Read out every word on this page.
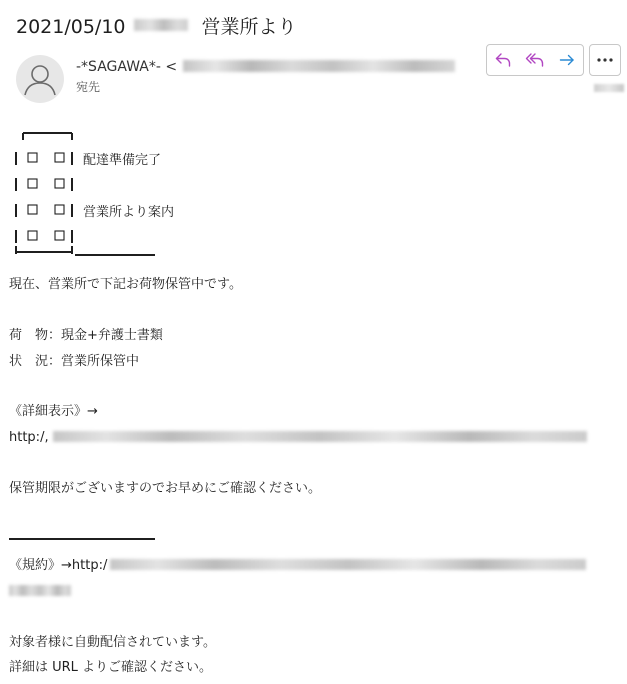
2021/05/10	営業所より
-*SAGAWA*- <
宛先
配達準備完了
営業所より案内
現在、営業所で下記お荷物保管中です。
荷　物：現金+弁護士書類
状　況：営業所保管中
《詳細表示》→
http:/,
保管期限がございますのでお早めにご確認ください。
《規約》→http:/
対象者様に自動配信されています。
詳細は URL よりご確認ください。
